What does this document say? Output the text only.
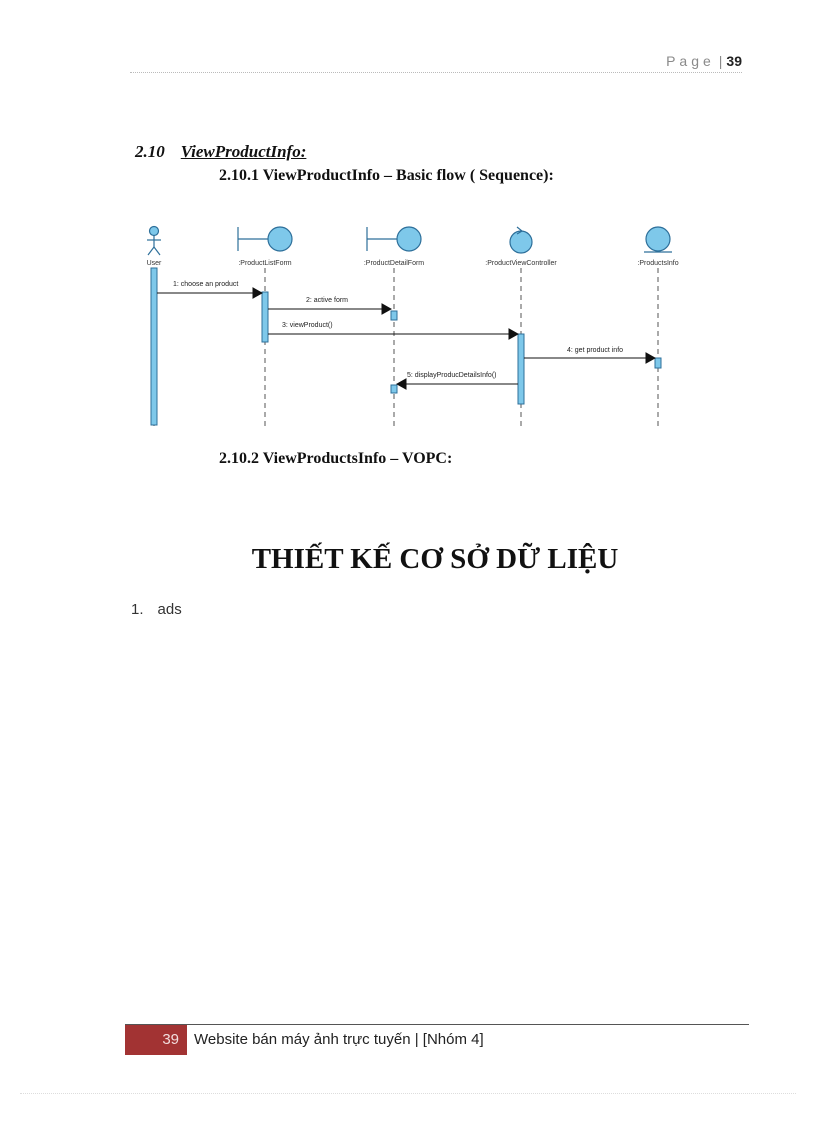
Page | 39
2.10 ViewProductInfo:
2.10.1 ViewProductInfo – Basic flow ( Sequence):
User	:ProductListForm	:ProductDetailForm	:ProductViewController	:ProductsInfo
1: choose an product
2: active form
3: viewProduct()
4: get product info
5: displayProducDetailsInfo()
2.10.2 ViewProductsInfo – VOPC:
THIẾT KẾ CƠ SỞ DỮ LIỆU
1. ads
39	Website bán máy ảnh trực tuyến | [Nhóm 4]
